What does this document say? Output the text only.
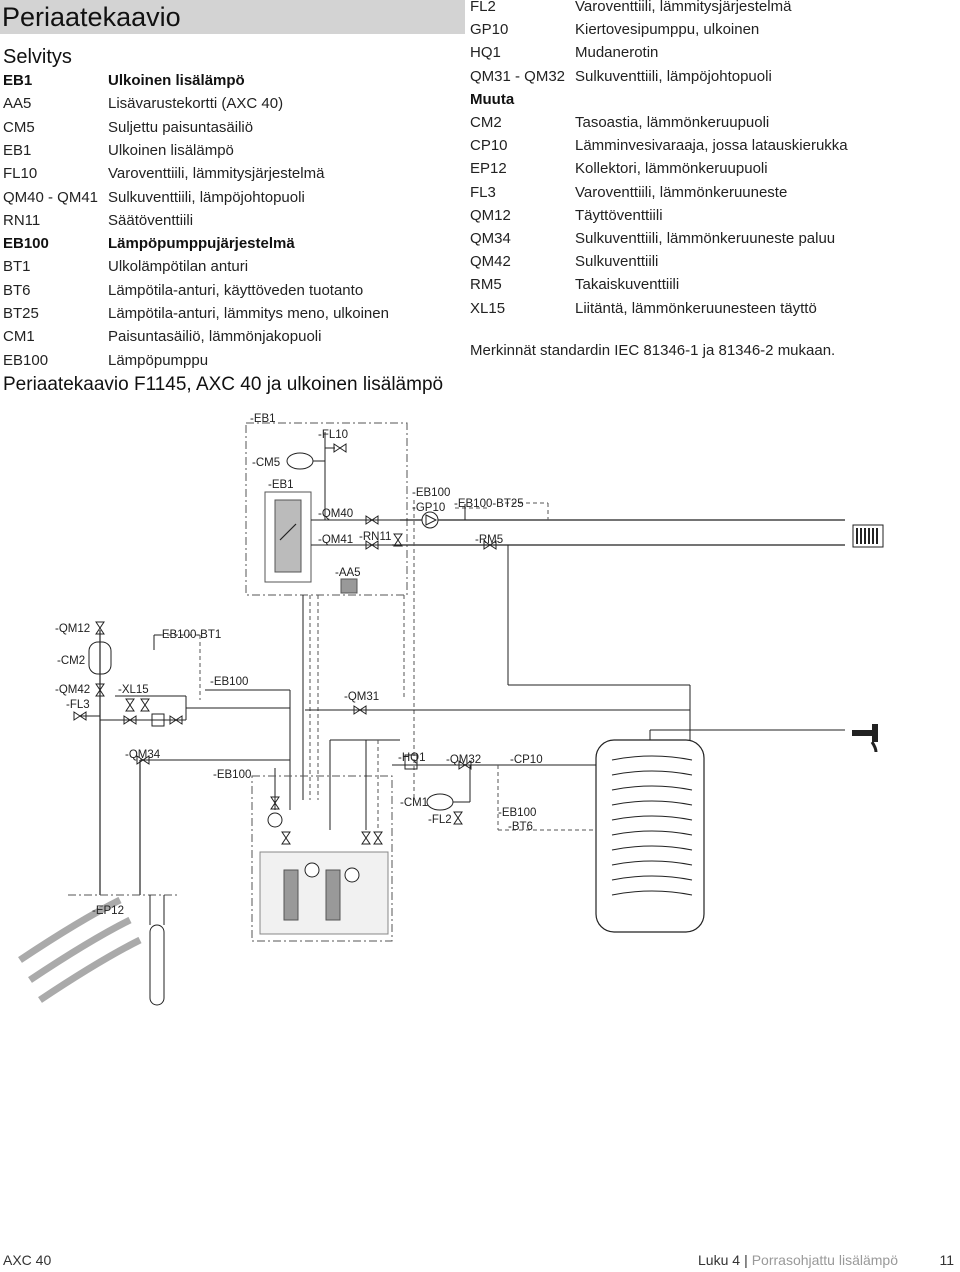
Periaatekaavio
Selvitys
EB1	Ulkoinen lisälämpö
AA5	Lisävarustekortti (AXC 40)
CM5	Suljettu paisuntasäiliö
EB1	Ulkoinen lisälämpö
FL10	Varoventtiili, lämmitysjärjestelmä
QM40 - QM41 Sulkuventtiili, lämpöjohtopuoli
RN11	Säätöventtiili
EB100	Lämpöpumppujärjestelmä
BT1	Ulkolämpötilan anturi
BT6	Lämpötila-anturi, käyttöveden tuotanto
BT25	Lämpötila-anturi, lämmitys meno, ulkoinen
CM1	Paisuntasäiliö, lämmönjakopuoli
EB100	Lämpöpumppu
FL2	Varoventtiili, lämmitysjärjestelmä
GP10	Kiertovesipumppu, ulkoinen
HQ1	Mudanerotin
QM31 - QM32 Sulkuventtiili, lämpöjohtopuoli
Muuta
CM2	Tasoastia, lämmönkeruupuoli
CP10	Lämminvesivaraaja, jossa latauskierukka
EP12	Kollektori, lämmönkeruupuoli
FL3	Varoventtiili, lämmönkeruuneste
QM12	Täyttöventtiili
QM34	Sulkuventtiili, lämmönkeruuneste paluu
QM42	Sulkuventtiili
RM5	Takaiskuventtiili
XL15	Liitäntä, lämmönkeruunesteen täyttö
Merkinnät standardin IEC 81346-1 ja 81346-2 mukaan.
Periaatekaavio F1145, AXC 40 ja ulkoinen lisälämpö
-EB1
-FL10
-CM5
-EB1
-QM40
-QM41 -RN11
-AA5
-EB100
-GP10 -EB100-BT25
-RM5
-QM12
-CM2
-EB100-BT1
-QM42
-FL3
-XL15
-EB100
-QM31
-QM34
-EB100
-HQ1 -QM32	-CP10
-CM1
-FL2
-EB100
-BT6
-EP12
AXC 40	Luku 4 | Porrasohjattu lisälämpö	11
